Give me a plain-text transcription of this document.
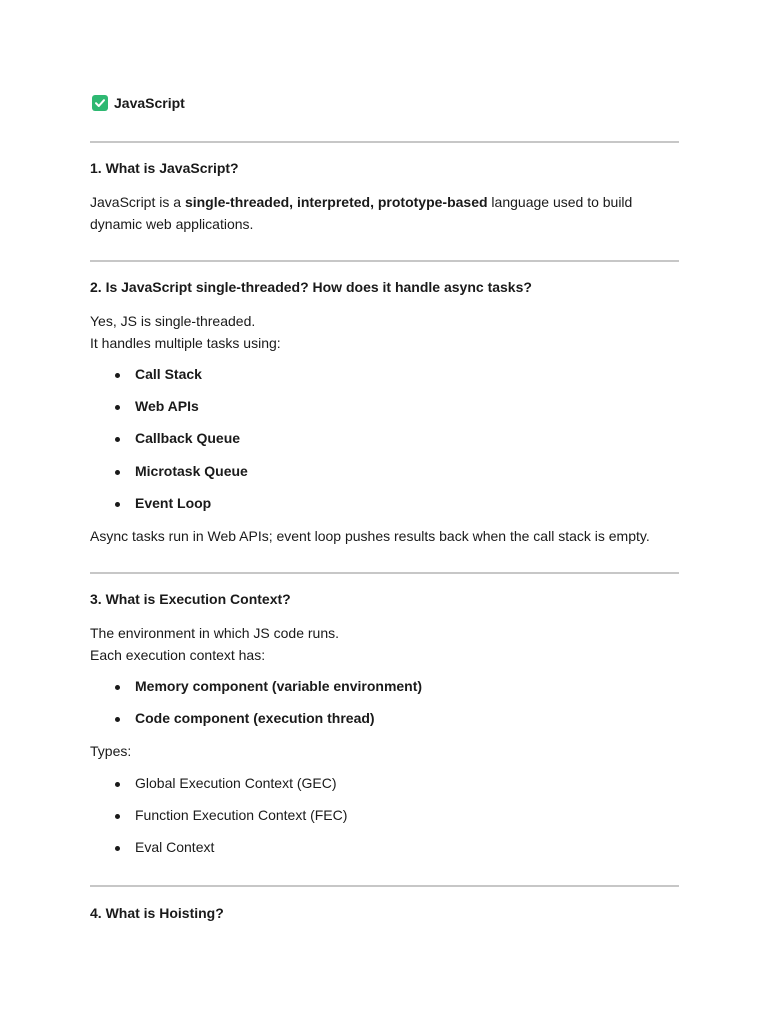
JavaScript
1. What is JavaScript?
JavaScript is a single-threaded, interpreted, prototype-based language used to build dynamic web applications.
2. Is JavaScript single-threaded? How does it handle async tasks?
Yes, JS is single-threaded.
It handles multiple tasks using:
Call Stack
Web APIs
Callback Queue
Microtask Queue
Event Loop
Async tasks run in Web APIs; event loop pushes results back when the call stack is empty.
3. What is Execution Context?
The environment in which JS code runs.
Each execution context has:
Memory component (variable environment)
Code component (execution thread)
Types:
Global Execution Context (GEC)
Function Execution Context (FEC)
Eval Context
4. What is Hoisting?
